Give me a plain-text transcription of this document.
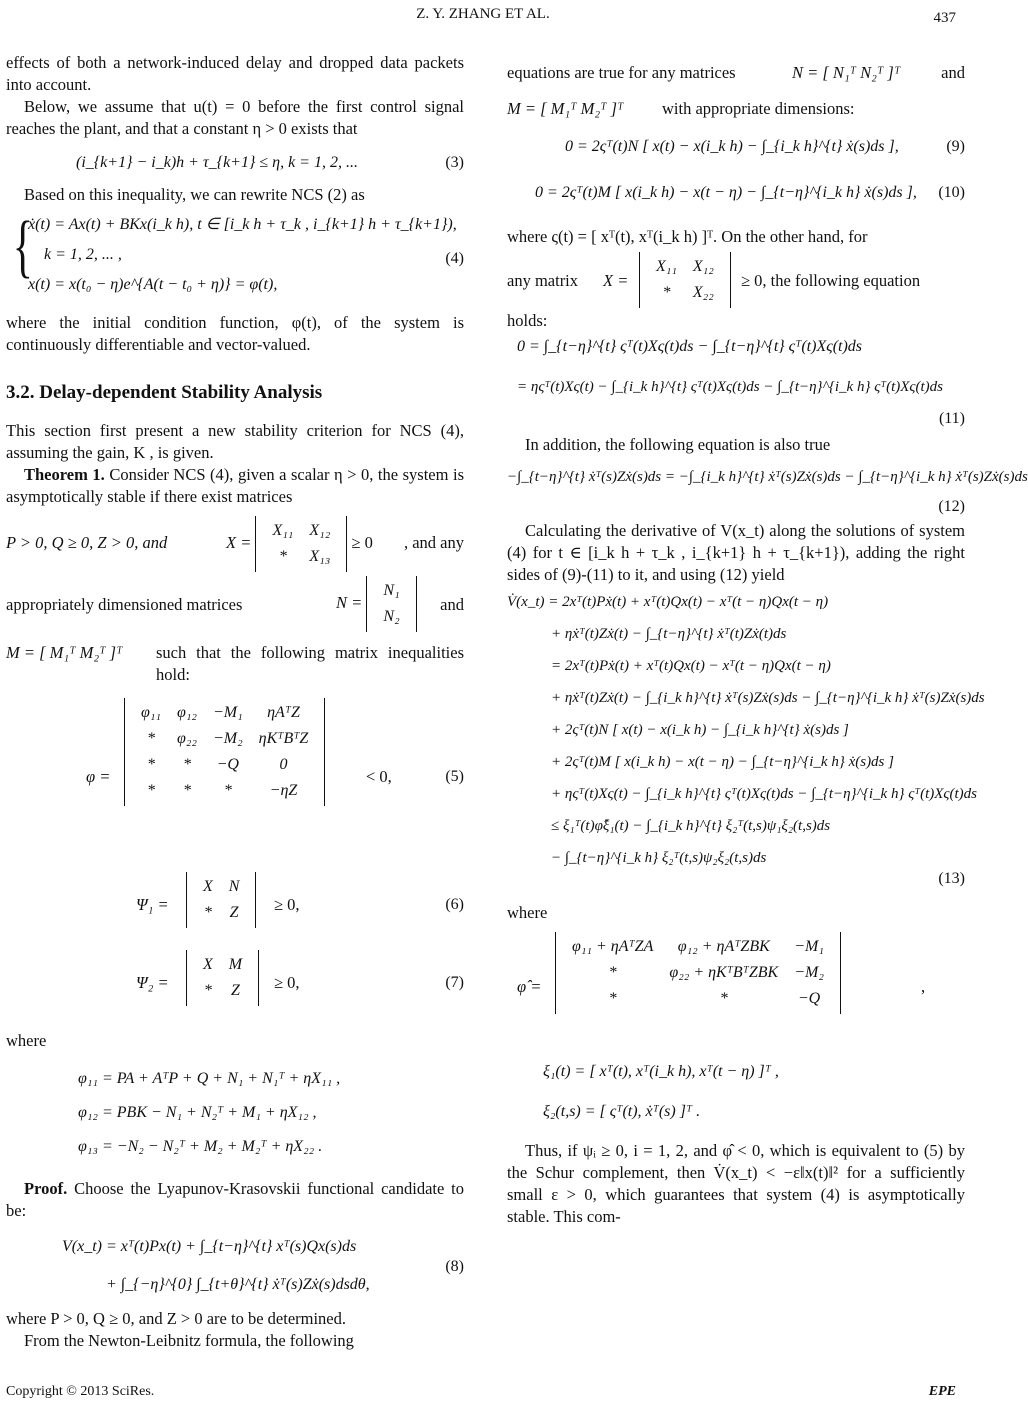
Z. Y. ZHANG ET AL.	437

effects of both a network-induced delay and dropped data packets into account.

Below, we assume that u(t) = 0 before the first control signal reaches the plant, and that a constant η > 0 exists that

(i_{k+1} − i_k)h + τ_{k+1} ≤ η, k = 1, 2, ...	(3)

Based on this inequality, we can rewrite NCS (2) as

{
ẋ(t) = Ax(t) + BKx(i_k h), t ∈ [i_k h + τ_k , i_{k+1} h + τ_{k+1}),
k = 1, 2, ... ,
x(t) = x(t₀ − η)e^{A(t − t₀ + η)} = φ(t),
(4)

where the initial condition function, φ(t), of the system is continuously differentiable and vector-valued.

3.2. Delay-dependent Stability Analysis

This section first present a new stability criterion for NCS (4), assuming the gain, K , is given.

Theorem 1. Consider NCS (4), given a scalar η > 0, the system is asymptotically stable if there exist matrices

P > 0, Q ≥ 0, Z > 0, and	X =
X₁₁	X₁₂
*	X₁₃
≥ 0 , and any
appropriately dimensioned matrices	N =
N₁
N₂
and
M = [ M₁ᵀ M₂ᵀ ]ᵀ such that the following matrix inequalities hold:
φ =
φ₁₁	φ₁₂	−M₁	ηAᵀZ
*	φ₂₂	−M₂	ηKᵀBᵀZ
*	*	−Q	0
*	*	*	−ηZ
< 0,	(5)
Ψ₁ =
X	N
*	Z ≥ 0,	(6)
Ψ₂ =
X	M
*	Z ≥ 0,	(7)

where

φ₁₁ = PA + AᵀP + Q + N₁ + N₁ᵀ + ηX₁₁ ,
φ₁₂ = PBK − N₁ + N₂ᵀ + M₁ + ηX₁₂ ,
φ₁₃ = −N₂ − N₂ᵀ + M₂ + M₂ᵀ + ηX₂₂ .

Proof. Choose the Lyapunov-Krasovskii functional candidate to be:

V(x_t) = xᵀ(t)Px(t) + ∫_{t−η}^{t} xᵀ(s)Qx(s)ds
+ ∫_{−η}^{0} ∫_{t+θ}^{t} ẋᵀ(s)Zẋ(s)dsdθ,
(8)

where P > 0, Q ≥ 0, and Z > 0 are to be determined.

From the Newton-Leibnitz formula, the following

equations are true for any matrices	N = [ N₁ᵀ N₂ᵀ ]ᵀ and
M = [ M₁ᵀ M₂ᵀ ]ᵀ with appropriate dimensions:
0 = 2ςᵀ(t)N [ x(t) − x(i_k h) − ∫_{i_k h}^{t} ẋ(s)ds ],	(9)
0 = 2ςᵀ(t)M [ x(i_k h) − x(t − η) − ∫_{t−η}^{i_k h} ẋ(s)ds ], (10)

where ς(t) = [ xᵀ(t), xᵀ(i_k h) ]ᵀ. On the other hand, for

any matrix X =
X₁₁	X₁₂
*	X₂₂
≥ 0, the following equation

holds:

0 = ∫_{t−η}^{t} ςᵀ(t)Xς(t)ds − ∫_{t−η}^{t} ςᵀ(t)Xς(t)ds
= ηςᵀ(t)Xς(t) − ∫_{i_k h}^{t} ςᵀ(t)Xς(t)ds − ∫_{t−η}^{i_k h} ςᵀ(t)Xς(t)ds
(11)

In addition, the following equation is also true

−∫_{t−η}^{t} ẋᵀ(s)Zẋ(s)ds = −∫_{i_k h}^{t} ẋᵀ(s)Zẋ(s)ds − ∫_{t−η}^{i_k h} ẋᵀ(s)Zẋ(s)ds
(12)

Calculating the derivative of V(x_t) along the solutions of system (4) for t ∈ [i_k h + τ_k , i_{k+1} h + τ_{k+1}), adding the right sides of (9)-(11) to it, and using (12) yield

V̇(x_t) = 2xᵀ(t)Pẋ(t) + xᵀ(t)Qx(t) − xᵀ(t − η)Qx(t − η)
+ ηẋᵀ(t)Zẋ(t) − ∫_{t−η}^{t} ẋᵀ(t)Zẋ(t)ds
= 2xᵀ(t)Pẋ(t) + xᵀ(t)Qx(t) − xᵀ(t − η)Qx(t − η)
+ ηẋᵀ(t)Zẋ(t) − ∫_{i_k h}^{t} ẋᵀ(s)Zẋ(s)ds − ∫_{t−η}^{i_k h} ẋᵀ(s)Zẋ(s)ds
+ 2ςᵀ(t)N [ x(t) − x(i_k h) − ∫_{i_k h}^{t} ẋ(s)ds ]
+ 2ςᵀ(t)M [ x(i_k h) − x(t − η) − ∫_{t−η}^{i_k h} ẋ(s)ds ]
+ ηςᵀ(t)Xς(t) − ∫_{i_k h}^{t} ςᵀ(t)Xς(t)ds − ∫_{t−η}^{i_k h} ςᵀ(t)Xς(t)ds
≤ ξ₁ᵀ(t)φ̂ξ₁(t) − ∫_{i_k h}^{t} ξ₂ᵀ(t,s)ψ₁ξ₂(t,s)ds
− ∫_{t−η}^{i_k h} ξ₂ᵀ(t,s)ψ₂ξ₂(t,s)ds
(13)

where

φ̂ =
φ₁₁ + ηAᵀZA	φ₁₂ + ηAᵀZBK	−M₁
*	φ₂₂ + ηKᵀBᵀZBK	−M₂
*	*	−Q
,
ξ₁(t) = [ xᵀ(t), xᵀ(i_k h), xᵀ(t − η) ]ᵀ ,
ξ₂(t,s) = [ ςᵀ(t), ẋᵀ(s) ]ᵀ .

Thus, if ψᵢ ≥ 0, i = 1, 2, and φ̂ < 0, which is equivalent to (5) by the Schur complement, then V̇(x_t) < −ε‖x(t)‖² for a sufficiently small ε > 0, which guarantees that system (4) is asymptotically stable. This com-

Copyright © 2013 SciRes.	EPE
